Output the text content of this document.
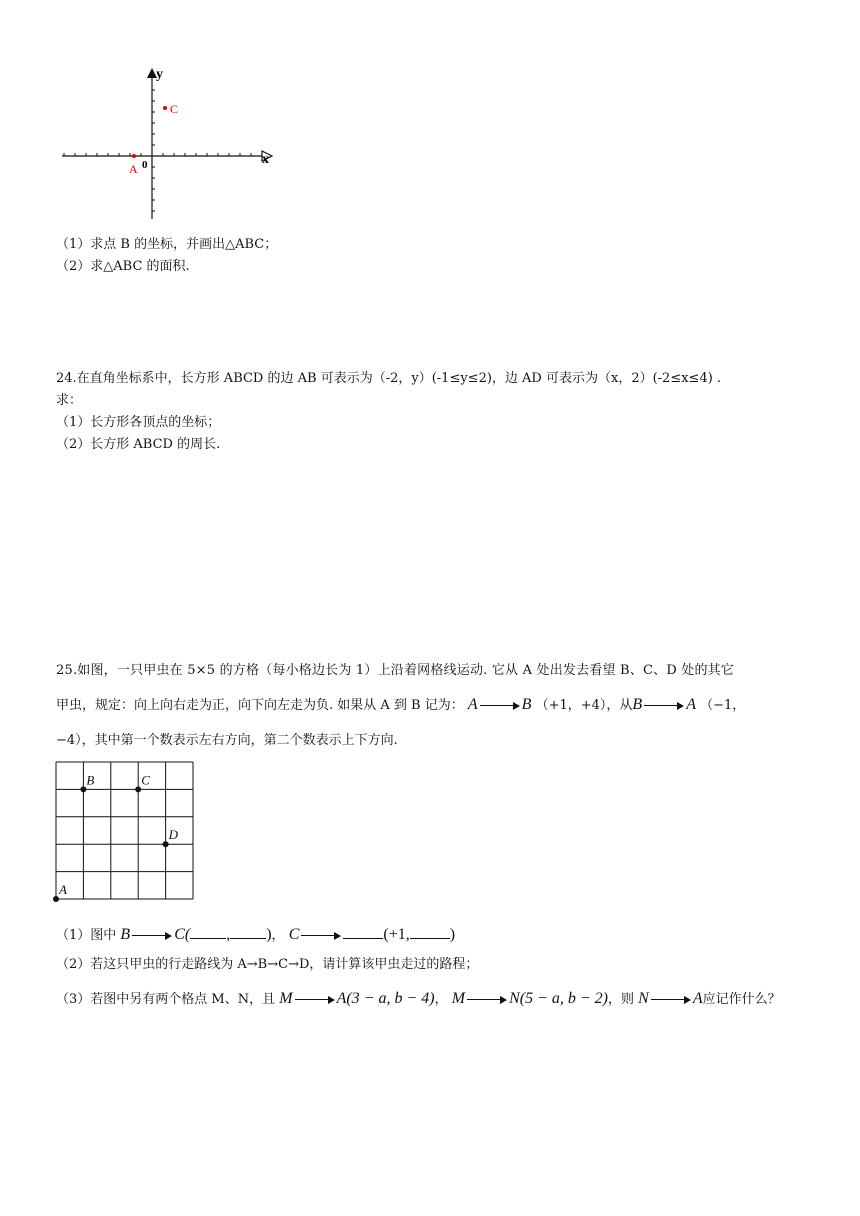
x
y
0
A
C
（1）求点 B 的坐标，并画出△ABC；
（2）求△ABC 的面积.
24.在直角坐标系中，长方形 ABCD 的边 AB 可表示为（-2，y）(-1≤y≤2)，边 AD 可表示为（x，2）(-2≤x≤4) .
求：
（1）长方形各顶点的坐标；
（2）长方形 ABCD 的周长.
25.如图，一只甲虫在 5×5 的方格（每小格边长为 1）上沿着网格线运动. 它从 A 处出发去看望 B、C、D 处的其它
甲虫，规定：向上向右走为正，向下向左走为负. 如果从 A 到 B 记为： A	B （+1，+4），从B	A （−1，
−4），其中第一个数表示左右方向，第二个数表示上下方向.
A
B	C
D
（1）图中 B	C( , )， C	(+1,	)
（2）若这只甲虫的行走路线为 A→B→C→D，请计算该甲虫走过的路程；
（3）若图中另有两个格点 M、N，且 M	A(3 − a, b − 4)， M	N(5 − a, b − 2)，则 N	A应记作什么？
